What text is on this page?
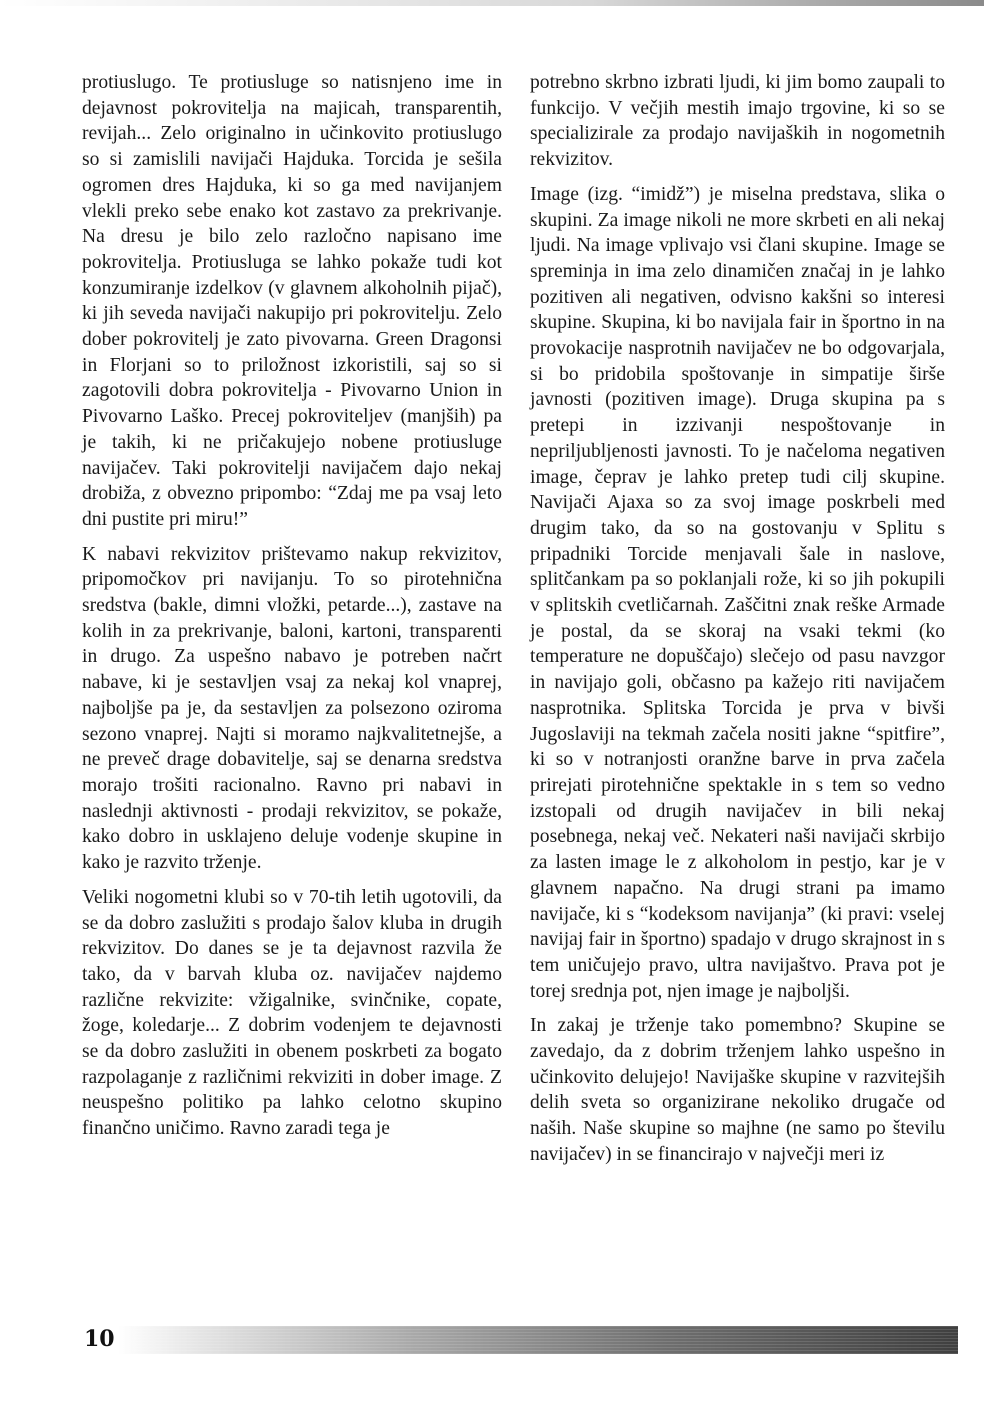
protiuslugo. Te protiusluge so natisnjeno ime in dejavnost pokrovitelja na majicah, transparentih, revijah... Zelo originalno in učinkovito protiuslugo so si zamislili navijači Hajduka. Torcida je sešila ogromen dres Hajduka, ki so ga med navijanjem vlekli preko sebe enako kot zastavo za prekrivanje. Na dresu je bilo zelo razločno napisano ime pokrovitelja. Protiusluga se lahko pokaže tudi kot konzumiranje izdelkov (v glavnem alkoholnih pijač), ki jih seveda navijači nakupijo pri pokrovitelju. Zelo dober pokrovitelj je zato pivovarna. Green Dragonsi in Florjani so to priložnost izkoristili, saj so si zagotovili dobra pokrovitelja - Pivovarno Union in Pivovarno Laško. Precej pokroviteljev (manjših) pa je takih, ki ne pričakujejo nobene protiusluge navijačev. Taki pokrovitelji navijačem dajo nekaj drobiža, z obvezno pripombo: “Zdaj me pa vsaj leto dni pustite pri miru!”

K nabavi rekvizitov prištevamo nakup rekvizitov, pripomočkov pri navijanju. To so pirotehnična sredstva (bakle, dimni vložki, petarde...), zastave na kolih in za prekrivanje, baloni, kartoni, transparenti in drugo. Za uspešno nabavo je potreben načrt nabave, ki je sestavljen vsaj za nekaj kol vnaprej, najboljše pa je, da sestavljen za polsezono oziroma sezono vnaprej. Najti si moramo najkvalitetnejše, a ne preveč drage dobavitelje, saj se denarna sredstva morajo trošiti racionalno. Ravno pri nabavi in naslednji aktivnosti - prodaji rekvizitov, se pokaže, kako dobro in usklajeno deluje vodenje skupine in kako je razvito trženje.

Veliki nogometni klubi so v 70-tih letih ugotovili, da se da dobro zaslužiti s prodajo šalov kluba in drugih rekvizitov. Do danes se je ta dejavnost razvila že tako, da v barvah kluba oz. navijačev najdemo različne rekvizite: vžigalnike, svinčnike, copate, žoge, koledarje... Z dobrim vodenjem te dejavnosti se da dobro zaslužiti in obenem poskrbeti za bogato razpolaganje z različnimi rekviziti in dober image. Z neuspešno politiko pa lahko celotno skupino finančno uničimo. Ravno zaradi tega je

potrebno skrbno izbrati ljudi, ki jim bomo zaupali to funkcijo. V večjih mestih imajo trgovine, ki so se specializirale za prodajo navijaških in nogometnih rekvizitov.

Image (izg. “imidž”) je miselna predstava, slika o skupini. Za image nikoli ne more skrbeti en ali nekaj ljudi. Na image vplivajo vsi člani skupine. Image se spreminja in ima zelo dinamičen značaj in je lahko pozitiven ali negativen, odvisno kakšni so interesi skupine. Skupina, ki bo navijala fair in športno in na provokacije nasprotnih navijačev ne bo odgovarjala, si bo pridobila spoštovanje in simpatije širše javnosti (pozitiven image). Druga skupina pa s pretepi in izzivanji nespoštovanje in nepriljubljenosti javnosti. To je načeloma negativen image, čeprav je lahko pretep tudi cilj skupine. Navijači Ajaxa so za svoj image poskrbeli med drugim tako, da so na gostovanju v Splitu s pripadniki Torcide menjavali šale in naslove, splitčankam pa so poklanjali rože, ki so jih pokupili v splitskih cvetličarnah. Zaščitni znak reške Armade je postal, da se skoraj na vsaki tekmi (ko temperature ne dopuščajo) slečejo od pasu navzgor in navijajo goli, občasno pa kažejo riti navijačem nasprotnika. Splitska Torcida je prva v bivši Jugoslaviji na tekmah začela nositi jakne “spitfire”, ki so v notranjosti oranžne barve in prva začela prirejati pirotehnične spektakle in s tem so vedno izstopali od drugih navijačev in bili nekaj posebnega, nekaj več. Nekateri naši navijači skrbijo za lasten image le z alkoholom in pestjo, kar je v glavnem napačno. Na drugi strani pa imamo navijače, ki s “kodeksom navijanja” (ki pravi: vselej navijaj fair in športno) spadajo v drugo skrajnost in s tem uničujejo pravo, ultra navijaštvo. Prava pot je torej srednja pot, njen image je najboljši.

In zakaj je trženje tako pomembno? Skupine se zavedajo, da z dobrim trženjem lahko uspešno in učinkovito delujejo! Navijaške skupine v razvitejših delih sveta so organizirane nekoliko drugače od naših. Naše skupine so majhne (ne samo po številu navijačev) in se financirajo v največji meri iz

10
